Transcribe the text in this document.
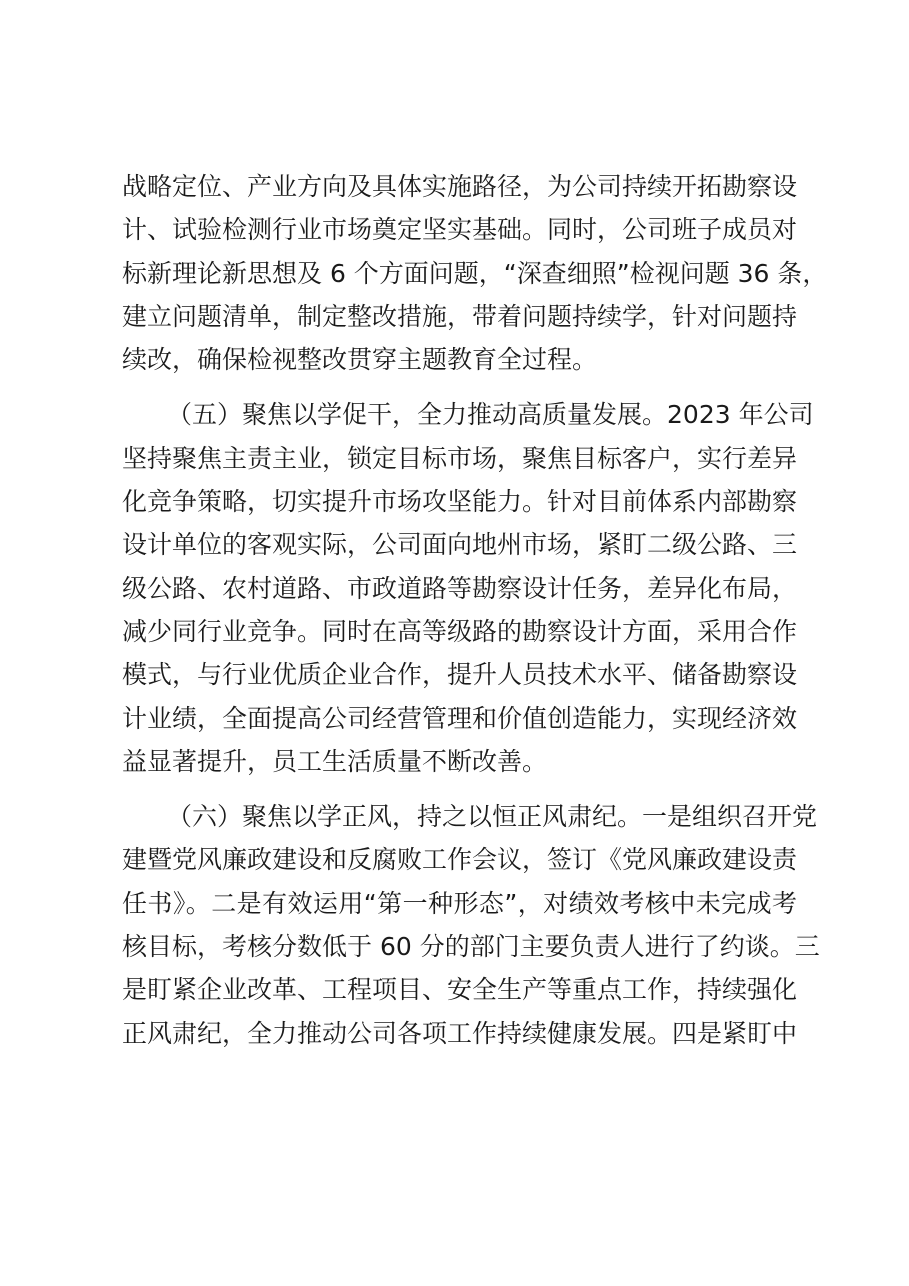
战略定位、产业方向及具体实施路径，为公司持续开拓勘察设
计、试验检测行业市场奠定坚实基础。同时，公司班子成员对
标新理论新思想及 6 个方面问题，“深查细照”检视问题 36 条，
建立问题清单，制定整改措施，带着问题持续学，针对问题持
续改，确保检视整改贯穿主题教育全过程。
（五）聚焦以学促干，全力推动高质量发展。2023 年公司
坚持聚焦主责主业，锁定目标市场，聚焦目标客户，实行差异
化竞争策略，切实提升市场攻坚能力。针对目前体系内部勘察
设计单位的客观实际，公司面向地州市场，紧盯二级公路、三
级公路、农村道路、市政道路等勘察设计任务，差异化布局，
减少同行业竞争。同时在高等级路的勘察设计方面，采用合作
模式，与行业优质企业合作，提升人员技术水平、储备勘察设
计业绩，全面提高公司经营管理和价值创造能力，实现经济效
益显著提升，员工生活质量不断改善。
（六）聚焦以学正风，持之以恒正风肃纪。一是组织召开党
建暨党风廉政建设和反腐败工作会议，签订《党风廉政建设责
任书》。二是有效运用“第一种形态”，对绩效考核中未完成考
核目标，考核分数低于 60 分的部门主要负责人进行了约谈。三
是盯紧企业改革、工程项目、安全生产等重点工作，持续强化
正风肃纪，全力推动公司各项工作持续健康发展。四是紧盯中
